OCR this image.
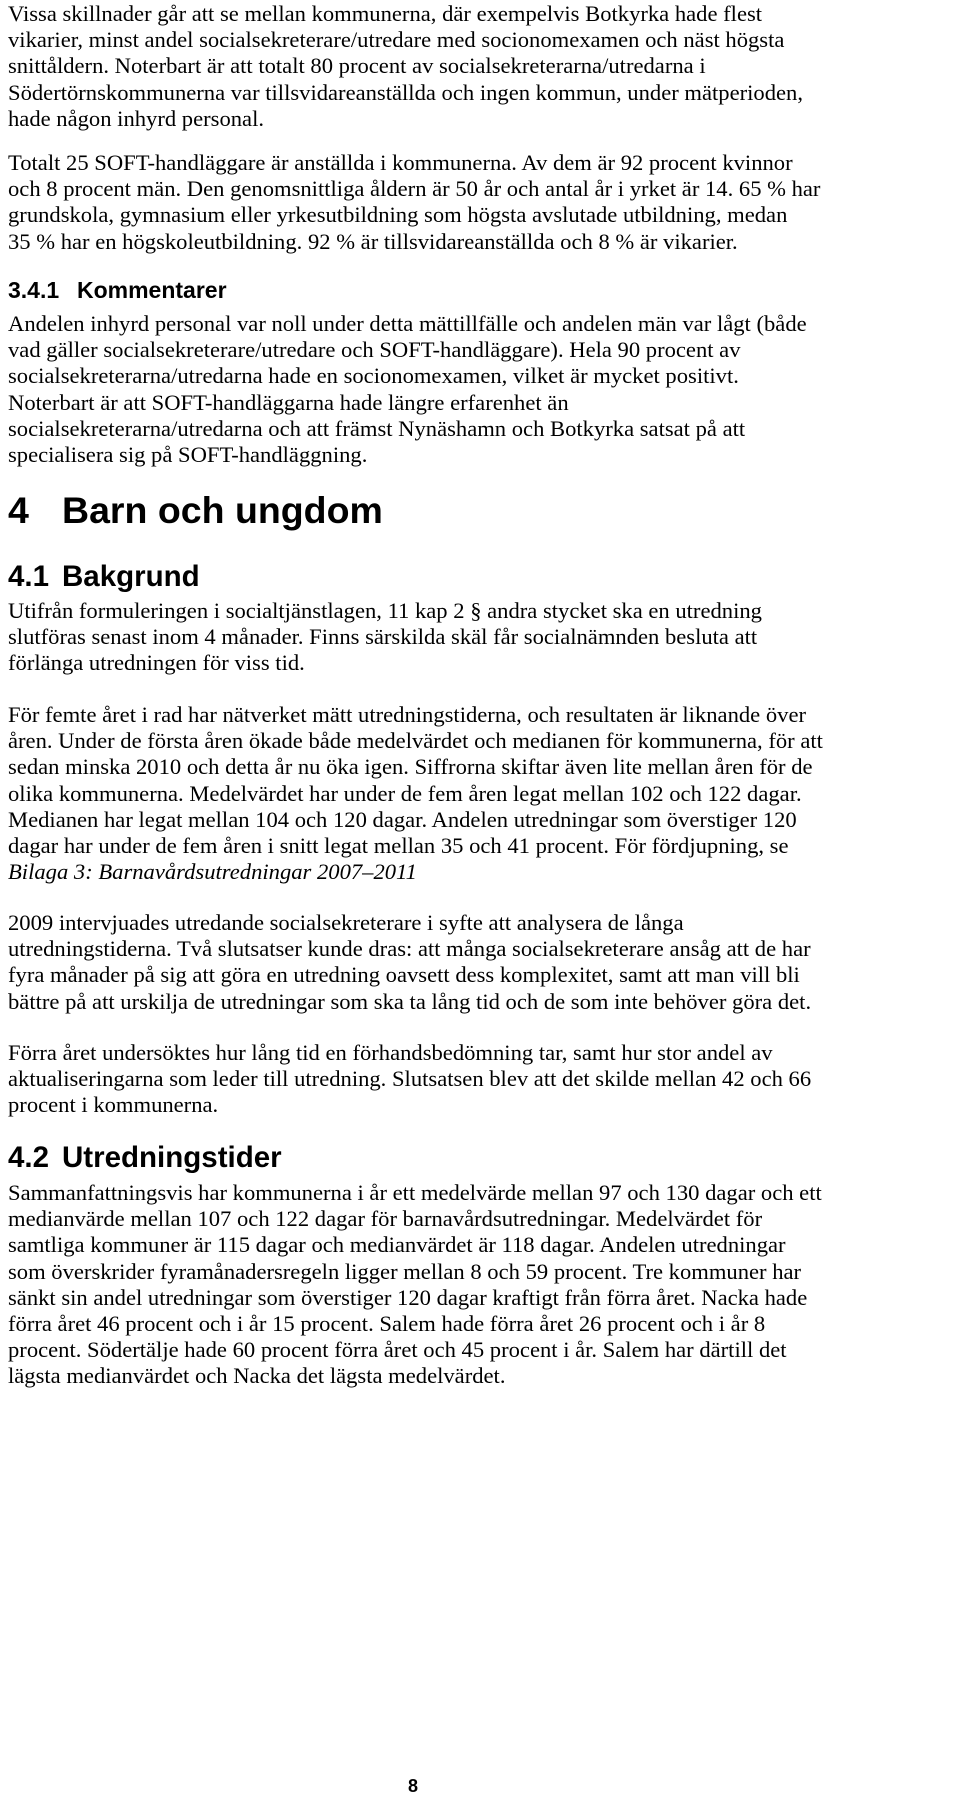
Vissa skillnader går att se mellan kommunerna, där exempelvis Botkyrka hade flest
vikarier, minst andel socialsekreterare/utredare med socionomexamen och näst högsta
snittåldern. Noterbart är att totalt 80 procent av socialsekreterarna/utredarna i
Södertörnskommunerna var tillsvidareanställda och ingen kommun, under mätperioden,
hade någon inhyrd personal.
Totalt 25 SOFT-handläggare är anställda i kommunerna. Av dem är 92 procent kvinnor
och 8 procent män. Den genomsnittliga åldern är 50 år och antal år i yrket är 14. 65 % har
grundskola, gymnasium eller yrkesutbildning som högsta avslutade utbildning, medan
35 % har en högskoleutbildning. 92 % är tillsvidareanställda och 8 % är vikarier.
3.4.1 Kommentarer
Andelen inhyrd personal var noll under detta mättillfälle och andelen män var lågt (både
vad gäller socialsekreterare/utredare och SOFT-handläggare). Hela 90 procent av
socialsekreterarna/utredarna hade en socionomexamen, vilket är mycket positivt.
Noterbart är att SOFT-handläggarna hade längre erfarenhet än
socialsekreterarna/utredarna och att främst Nynäshamn och Botkyrka satsat på att
specialisera sig på SOFT-handläggning.
4 Barn och ungdom
4.1 Bakgrund
Utifrån formuleringen i socialtjänstlagen, 11 kap 2 § andra stycket ska en utredning
slutföras senast inom 4 månader. Finns särskilda skäl får socialnämnden besluta att
förlänga utredningen för viss tid.
För femte året i rad har nätverket mätt utredningstiderna, och resultaten är liknande över
åren. Under de första åren ökade både medelvärdet och medianen för kommunerna, för att
sedan minska 2010 och detta år nu öka igen. Siffrorna skiftar även lite mellan åren för de
olika kommunerna. Medelvärdet har under de fem åren legat mellan 102 och 122 dagar.
Medianen har legat mellan 104 och 120 dagar. Andelen utredningar som överstiger 120
dagar har under de fem åren i snitt legat mellan 35 och 41 procent. För fördjupning, se
Bilaga 3: Barnavårdsutredningar 2007–2011
2009 intervjuades utredande socialsekreterare i syfte att analysera de långa
utredningstiderna. Två slutsatser kunde dras: att många socialsekreterare ansåg att de har
fyra månader på sig att göra en utredning oavsett dess komplexitet, samt att man vill bli
bättre på att urskilja de utredningar som ska ta lång tid och de som inte behöver göra det.
Förra året undersöktes hur lång tid en förhandsbedömning tar, samt hur stor andel av
aktualiseringarna som leder till utredning. Slutsatsen blev att det skilde mellan 42 och 66
procent i kommunerna.
4.2 Utredningstider
Sammanfattningsvis har kommunerna i år ett medelvärde mellan 97 och 130 dagar och ett
medianvärde mellan 107 och 122 dagar för barnavårdsutredningar. Medelvärdet för
samtliga kommuner är 115 dagar och medianvärdet är 118 dagar. Andelen utredningar
som överskrider fyramånadersregeln ligger mellan 8 och 59 procent. Tre kommuner har
sänkt sin andel utredningar som överstiger 120 dagar kraftigt från förra året. Nacka hade
förra året 46 procent och i år 15 procent. Salem hade förra året 26 procent och i år 8
procent. Södertälje hade 60 procent förra året och 45 procent i år. Salem har därtill det
lägsta medianvärdet och Nacka det lägsta medelvärdet.
8
